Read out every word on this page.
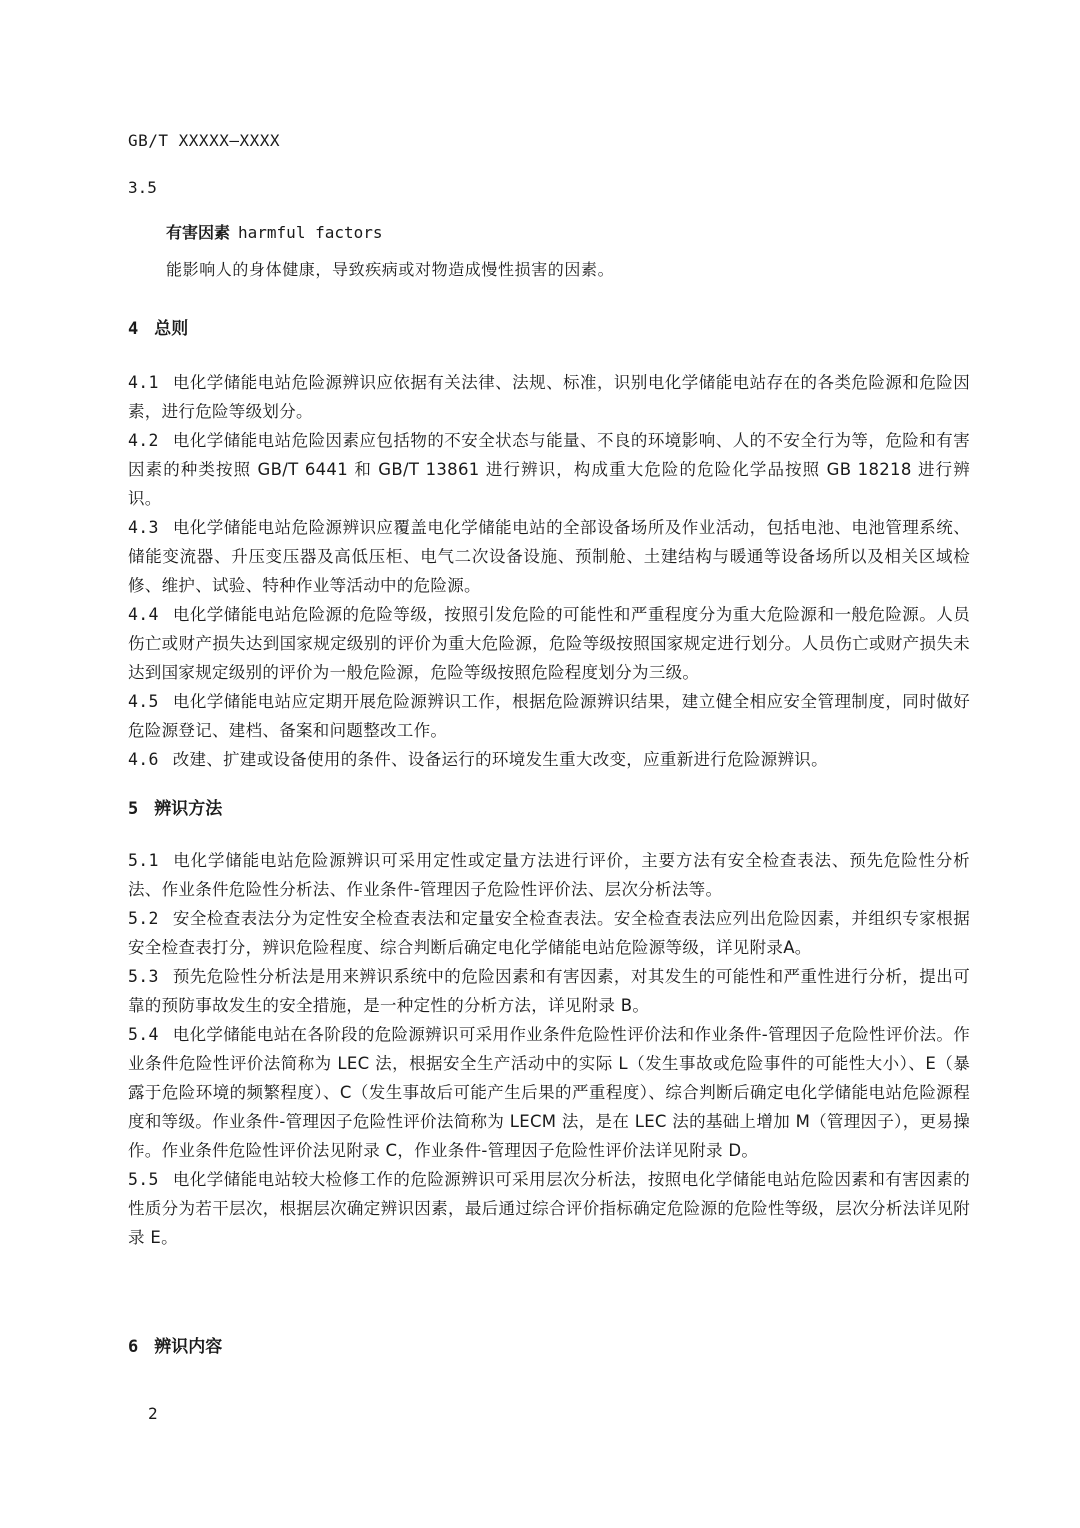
GB/T XXXXX—XXXX
3.5
有害因素 harmful factors
能影响人的身体健康，导致疾病或对物造成慢性损害的因素。
4 总则

4.1 电化学储能电站危险源辨识应依据有关法律、法规、标准，识别电化学储能电站存在的各类危险源和危险因素，进行危险等级划分。

4.2 电化学储能电站危险因素应包括物的不安全状态与能量、不良的环境影响、人的不安全行为等，危险和有害因素的种类按照 GB/T 6441 和 GB/T 13861 进行辨识，构成重大危险的危险化学品按照 GB 18218 进行辨识。

4.3 电化学储能电站危险源辨识应覆盖电化学储能电站的全部设备场所及作业活动，包括电池、电池管理系统、储能变流器、升压变压器及高低压柜、电气二次设备设施、预制舱、土建结构与暖通等设备场所以及相关区域检修、维护、试验、特种作业等活动中的危险源。

4.4 电化学储能电站危险源的危险等级，按照引发危险的可能性和严重程度分为重大危险源和一般危险源。人员伤亡或财产损失达到国家规定级别的评价为重大危险源，危险等级按照国家规定进行划分。人员伤亡或财产损失未达到国家规定级别的评价为一般危险源，危险等级按照危险程度划分为三级。

4.5 电化学储能电站应定期开展危险源辨识工作，根据危险源辨识结果，建立健全相应安全管理制度，同时做好危险源登记、建档、备案和问题整改工作。

4.6 改建、扩建或设备使用的条件、设备运行的环境发生重大改变，应重新进行危险源辨识。

5 辨识方法

5.1 电化学储能电站危险源辨识可采用定性或定量方法进行评价，主要方法有安全检查表法、预先危险性分析法、作业条件危险性分析法、作业条件-管理因子危险性评价法、层次分析法等。

5.2 安全检查表法分为定性安全检查表法和定量安全检查表法。安全检查表法应列出危险因素，并组织专家根据安全检查表打分，辨识危险程度、综合判断后确定电化学储能电站危险源等级，详见附录A。

5.3 预先危险性分析法是用来辨识系统中的危险因素和有害因素，对其发生的可能性和严重性进行分析，提出可靠的预防事故发生的安全措施，是一种定性的分析方法，详见附录 B。

5.4 电化学储能电站在各阶段的危险源辨识可采用作业条件危险性评价法和作业条件-管理因子危险性评价法。作业条件危险性评价法简称为 LEC 法，根据安全生产活动中的实际 L（发生事故或危险事件的可能性大小）、E（暴露于危险环境的频繁程度）、C（发生事故后可能产生后果的严重程度）、综合判断后确定电化学储能电站危险源程度和等级。作业条件-管理因子危险性评价法简称为 LECM 法，是在 LEC 法的基础上增加 M（管理因子），更易操作。作业条件危险性评价法见附录 C，作业条件-管理因子危险性评价法详见附录 D。

5.5 电化学储能电站较大检修工作的危险源辨识可采用层次分析法，按照电化学储能电站危险因素和有害因素的性质分为若干层次，根据层次确定辨识因素，最后通过综合评价指标确定危险源的危险性等级，层次分析法详见附录 E。

6 辨识内容
2
